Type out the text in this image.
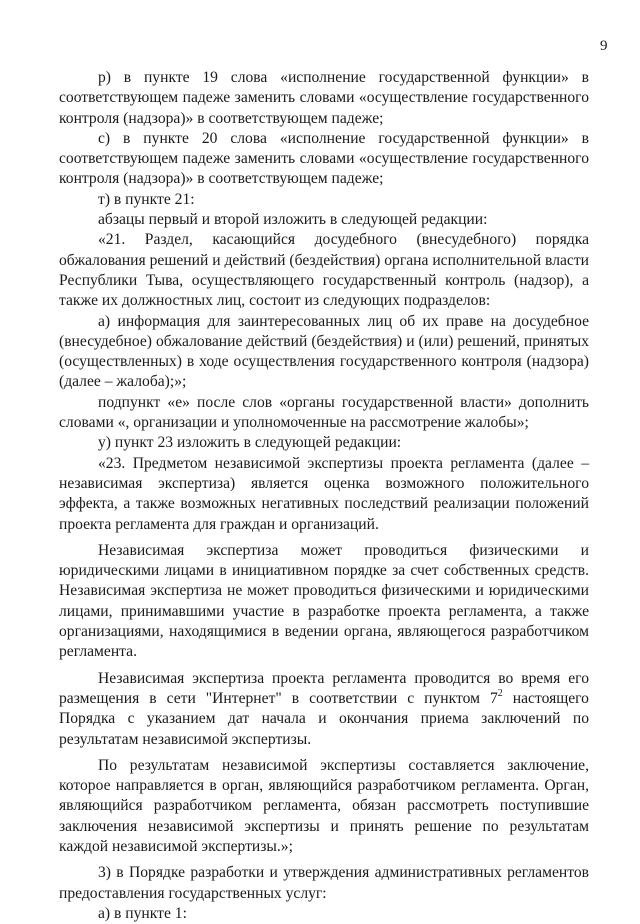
9

р) в пункте 19 слова «исполнение государственной функции» в соответствующем падеже заменить словами «осуществление государственного контроля (надзора)» в соответствующем падеже;

с) в пункте 20 слова «исполнение государственной функции» в соответствующем падеже заменить словами «осуществление государственного контроля (надзора)» в соответствующем падеже;

т) в пункте 21:

абзацы первый и второй изложить в следующей редакции:

«21. Раздел, касающийся досудебного (внесудебного) порядка обжалования решений и действий (бездействия) органа исполнительной власти Республики Тыва, осуществляющего государственный контроль (надзор), а также их должностных лиц, состоит из следующих подразделов:

а) информация для заинтересованных лиц об их праве на досудебное (внесудебное) обжалование действий (бездействия) и (или) решений, принятых (осуществленных) в ходе осуществления государственного контроля (надзора) (далее – жалоба);»;

подпункт «е» после слов «органы государственной власти» дополнить словами «, организации и уполномоченные на рассмотрение жалобы»;

у) пункт 23 изложить в следующей редакции:

«23. Предметом независимой экспертизы проекта регламента (далее – независимая экспертиза) является оценка возможного положительного эффекта, а также возможных негативных последствий реализации положений проекта регламента для граждан и организаций.

Независимая экспертиза может проводиться физическими и юридическими лицами в инициативном порядке за счет собственных средств. Независимая экспертиза не может проводиться физическими и юридическими лицами, принимавшими участие в разработке проекта регламента, а также организациями, находящимися в ведении органа, являющегося разработчиком регламента.

Независимая экспертиза проекта регламента проводится во время его размещения в сети "Интернет" в соответствии с пунктом $7^2$ настоящего Порядка с указанием дат начала и окончания приема заключений по результатам независимой экспертизы.

По результатам независимой экспертизы составляется заключение, которое направляется в орган, являющийся разработчиком регламента. Орган, являющийся разработчиком регламента, обязан рассмотреть поступившие заключения независимой экспертизы и принять решение по результатам каждой независимой экспертизы.»;

3) в Порядке разработки и утверждения административных регламентов предоставления государственных услуг:

а) в пункте 1:
